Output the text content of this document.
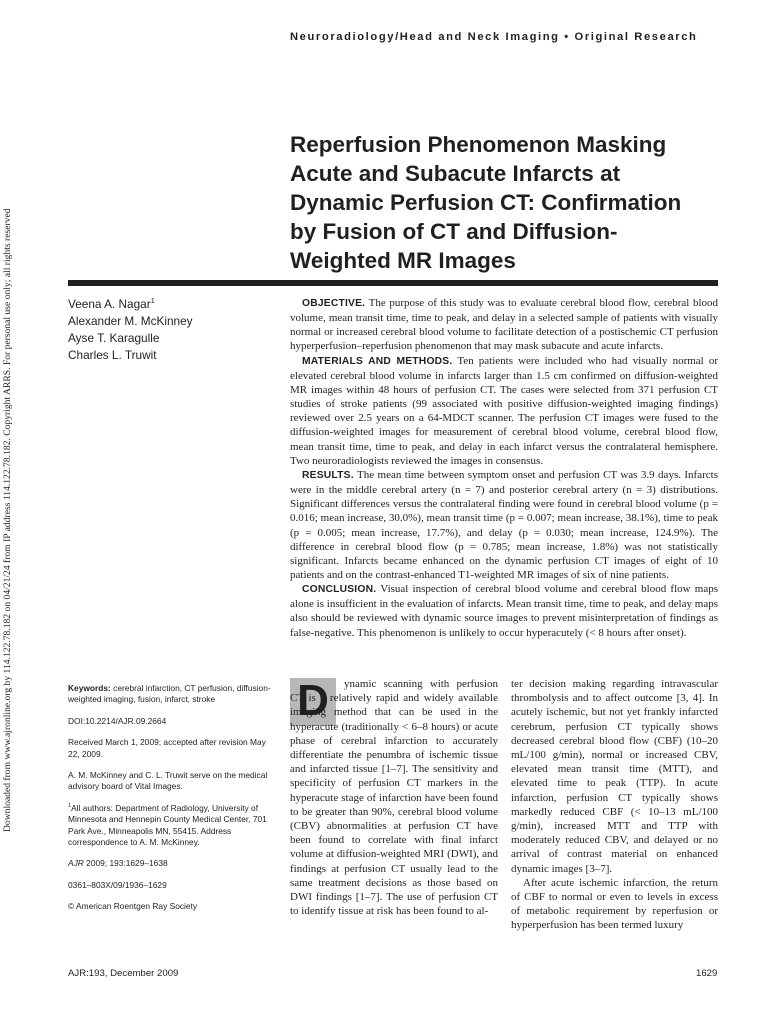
Neuroradiology/Head and Neck Imaging • Original Research
Downloaded from www.ajronline.org by 114.122.78.182 on 04/21/24 from IP address 114.122.78.182. Copyright ARRS. For personal use only; all rights reserved
Reperfusion Phenomenon Masking Acute and Subacute Infarcts at Dynamic Perfusion CT: Confirmation by Fusion of CT and Diffusion-Weighted MR Images
Veena A. Nagar$^1$
Alexander M. McKinney
Ayse T. Karagulle
Charles L. Truwit

OBJECTIVE. The purpose of this study was to evaluate cerebral blood flow, cerebral blood volume, mean transit time, time to peak, and delay in a selected sample of patients with visually normal or increased cerebral blood volume to facilitate detection of a postischemic CT perfusion hyperperfusion–reperfusion phenomenon that may mask subacute and acute infarcts.

MATERIALS AND METHODS. Ten patients were included who had visually normal or elevated cerebral blood volume in infarcts larger than 1.5 cm confirmed on diffusion-weighted MR images within 48 hours of perfusion CT. The cases were selected from 371 perfusion CT studies of stroke patients (99 associated with positive diffusion-weighted imaging findings) reviewed over 2.5 years on a 64-MDCT scanner. The perfusion CT images were fused to the diffusion-weighted images for measurement of cerebral blood volume, cerebral blood flow, mean transit time, time to peak, and delay in each infarct versus the contralateral hemisphere. Two neuroradiologists reviewed the images in consensus.

RESULTS. The mean time between symptom onset and perfusion CT was 3.9 days. Infarcts were in the middle cerebral artery (n = 7) and posterior cerebral artery (n = 3) distributions. Significant differences versus the contralateral finding were found in cerebral blood volume (p = 0.016; mean increase, 30.0%), mean transit time (p = 0.007; mean increase, 38.1%), time to peak (p = 0.005; mean increase, 17.7%), and delay (p = 0.030; mean increase, 124.9%). The difference in cerebral blood flow (p = 0.785; mean increase, 1.8%) was not statistically significant. Infarcts became enhanced on the dynamic perfusion CT images of eight of 10 patients and on the contrast-enhanced T1-weighted MR images of six of nine patients.

CONCLUSION. Visual inspection of cerebral blood volume and cerebral blood flow maps alone is insufficient in the evaluation of infarcts. Mean transit time, time to peak, and delay maps also should be reviewed with dynamic source images to prevent misinterpretation of findings as false-negative. This phenomenon is unlikely to occur hyperacutely (< 8 hours after onset).

Keywords: cerebral infarction, CT perfusion, diffusion-weighted imaging, fusion, infarct, stroke

DOI:10.2214/AJR.09.2664

Received March 1, 2009; accepted after revision May 22, 2009.

A. M. McKinney and C. L. Truwit serve on the medical advisory board of Vital Images.

$^1$All authors: Department of Radiology, University of Minnesota and Hennepin County Medical Center, 701 Park Ave., Minneapolis MN, 55415. Address correspondence to A. M. McKinney.

AJR 2009; 193:1629–1638

0361–803X/09/1936–1629

© American Roentgen Ray Society

D	ynamic scanning with perfusion CT is a relatively rapid and widely available imaging method that can be used in the hyperacute (traditionally < 6–8 hours) or acute phase of cerebral infarction to accurately differentiate the penumbra of ischemic tissue and infarcted tissue [1–7]. The sensitivity and specificity of perfusion CT markers in the hyperacute stage of infarction have been found to be greater than 90%, cerebral blood volume (CBV) abnormalities at perfusion CT have been found to correlate with final infarct volume at diffusion-weighted MRI (DWI), and findings at perfusion CT usually lead to the same treatment decisions as those based on DWI findings [1–7]. The use of perfusion CT to identify tissue at risk has been found to al-

ter decision making regarding intravascular thrombolysis and to affect outcome [3, 4]. In acutely ischemic, but not yet frankly infarcted cerebrum, perfusion CT typically shows decreased cerebral blood flow (CBF) (10–20 mL/100 g/min), normal or increased CBV, elevated mean transit time (MTT), and elevated time to peak (TTP). In acute infarction, perfusion CT typically shows markedly reduced CBF (< 10–13 mL/100 g/min), increased MTT and TTP with moderately reduced CBV, and delayed or no arrival of contrast material on enhanced dynamic images [3–7].

After acute ischemic infarction, the return of CBF to normal or even to levels in excess of metabolic requirement by reperfusion or hyperperfusion has been termed luxury

AJR:193, December 2009	1629
